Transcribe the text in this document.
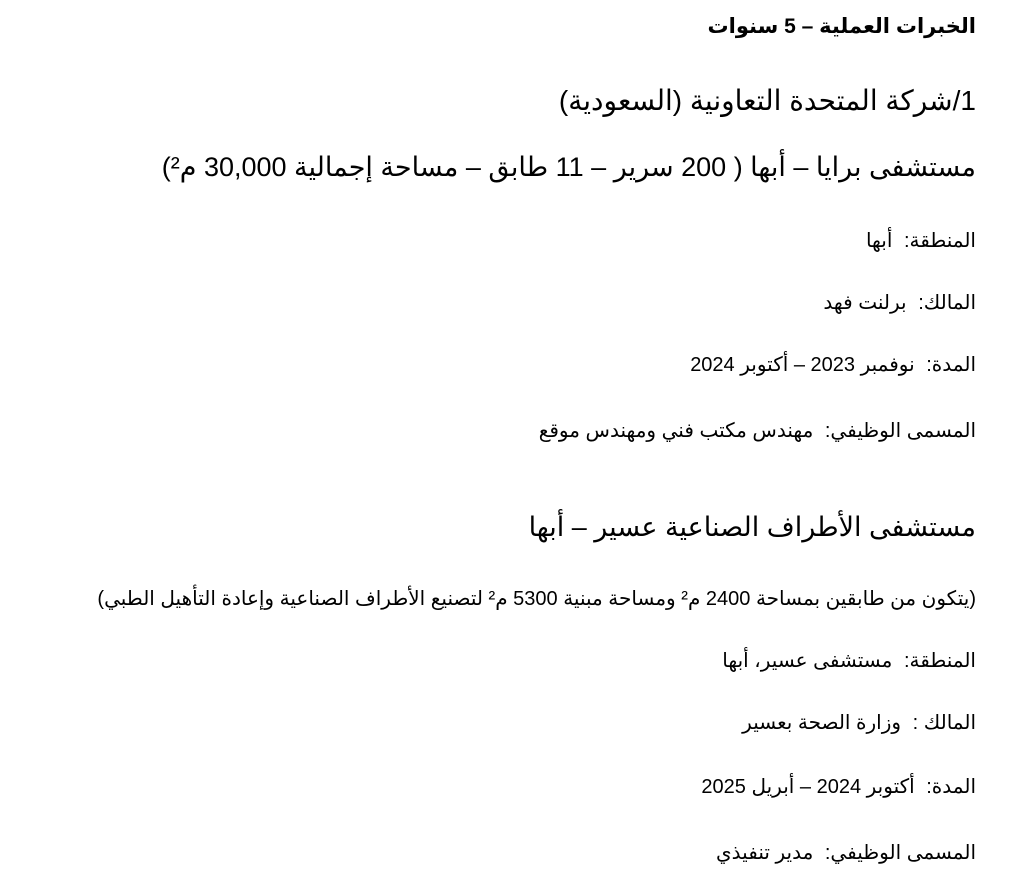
الخبرات العملية – 5 سنوات
1/شركة المتحدة التعاونية (السعودية)
مستشفى برايا – أبها ( 200 سرير – 11 طابق – مساحة إجمالية 30,000 م²)
المنطقة: أبها
المالك: برلنت فهد
المدة: نوفمبر 2023 – أكتوبر 2024
المسمى الوظيفي: مهندس مكتب فني ومهندس موقع
مستشفى الأطراف الصناعية عسير – أبها
(يتكون من طابقين بمساحة 2400 م² ومساحة مبنية 5300 م² لتصنيع الأطراف الصناعية وإعادة التأهيل الطبي)
المنطقة: مستشفى عسير، أبها
المالك : وزارة الصحة بعسير
المدة: أكتوبر 2024 – أبريل 2025
المسمى الوظيفي: مدير تنفيذي
